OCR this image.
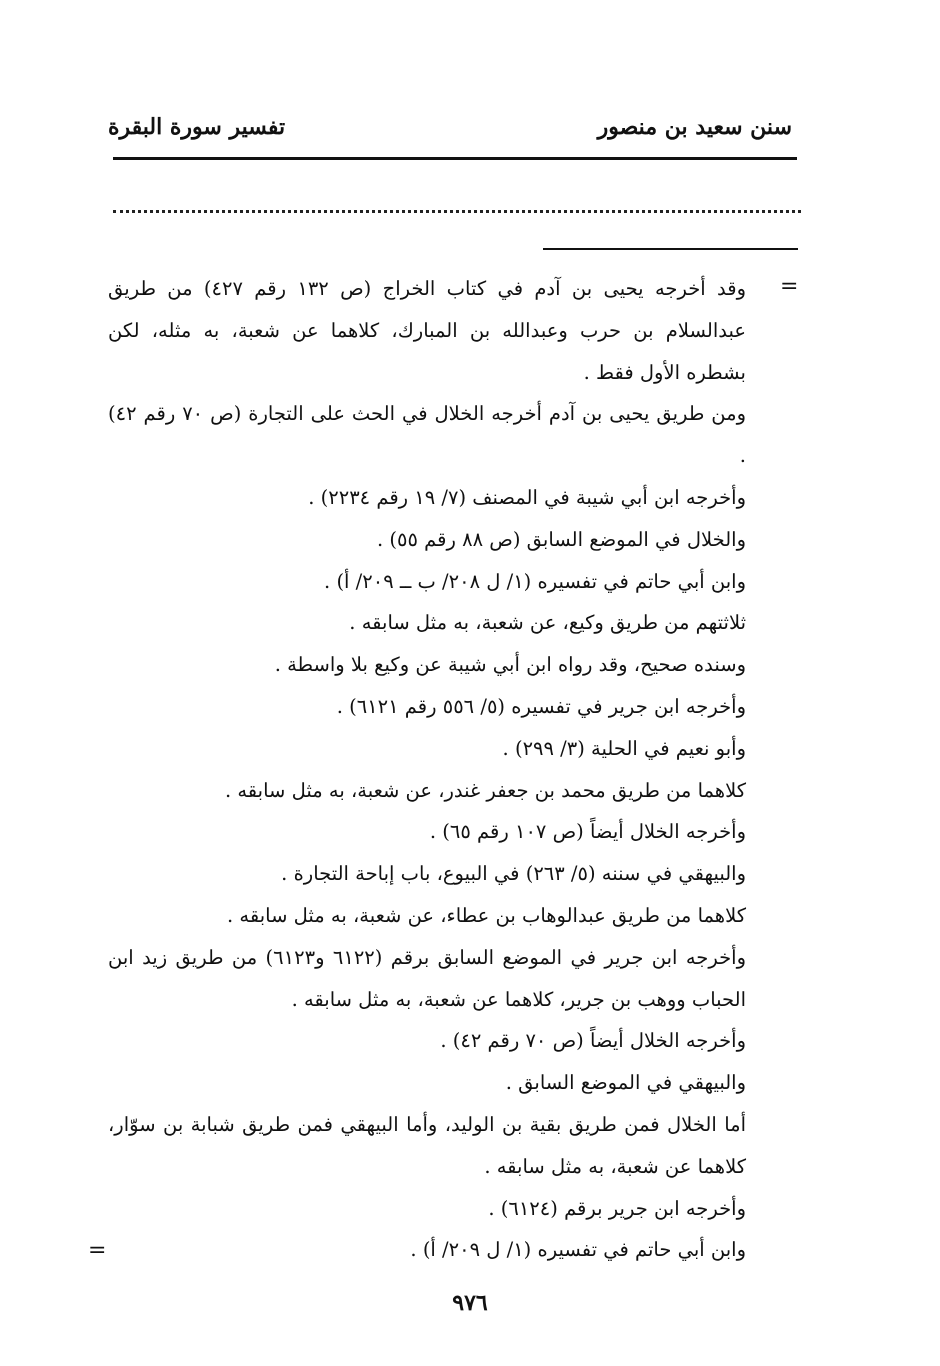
سنن سعيد بن منصور
تفسير سورة البقرة
=

وقد أخرجه يحيى بن آدم في كتاب الخراج (ص ١٣٢ رقم ٤٢٧) من طريق عبدالسلام بن حرب وعبدالله بن المبارك، كلاهما عن شعبة، به مثله، لكن بشطره الأول فقط .

ومن طريق يحيى بن آدم أخرجه الخلال في الحث على التجارة (ص ٧٠ رقم ٤٢) .

وأخرجه ابن أبي شيبة في المصنف (٧/ ١٩ رقم ٢٢٣٤) .

والخلال في الموضع السابق (ص ٨٨ رقم ٥٥) .

وابن أبي حاتم في تفسيره (١/ ل ٢٠٨/ ب ــ ٢٠٩/ أ) .

ثلاثتهم من طريق وكيع، عن شعبة، به مثل سابقه .

وسنده صحيح، وقد رواه ابن أبي شيبة عن وكيع بلا واسطة .

وأخرجه ابن جرير في تفسيره (٥/ ٥٥٦ رقم ٦١٢١) .

وأبو نعيم في الحلية (٣/ ٢٩٩) .

كلاهما من طريق محمد بن جعفر غندر، عن شعبة، به مثل سابقه .

وأخرجه الخلال أيضاً (ص ١٠٧ رقم ٦٥) .

والبيهقي في سننه (٥/ ٢٦٣) في البيوع، باب إباحة التجارة .

كلاهما من طريق عبدالوهاب بن عطاء، عن شعبة، به مثل سابقه .

وأخرجه ابن جرير في الموضع السابق برقم (٦١٢٢ و٦١٢٣) من طريق زيد ابن الحباب ووهب بن جرير، كلاهما عن شعبة، به مثل سابقه .

وأخرجه الخلال أيضاً (ص ٧٠ رقم ٤٢) .

والبيهقي في الموضع السابق .

أما الخلال فمن طريق بقية بن الوليد، وأما البيهقي فمن طريق شبابة بن سوّار، كلاهما عن شعبة، به مثل سابقه .

وأخرجه ابن جرير برقم (٦١٢٤) .

وابن أبي حاتم في تفسيره (١/ ل ٢٠٩/ أ) .

=
٩٧٦
